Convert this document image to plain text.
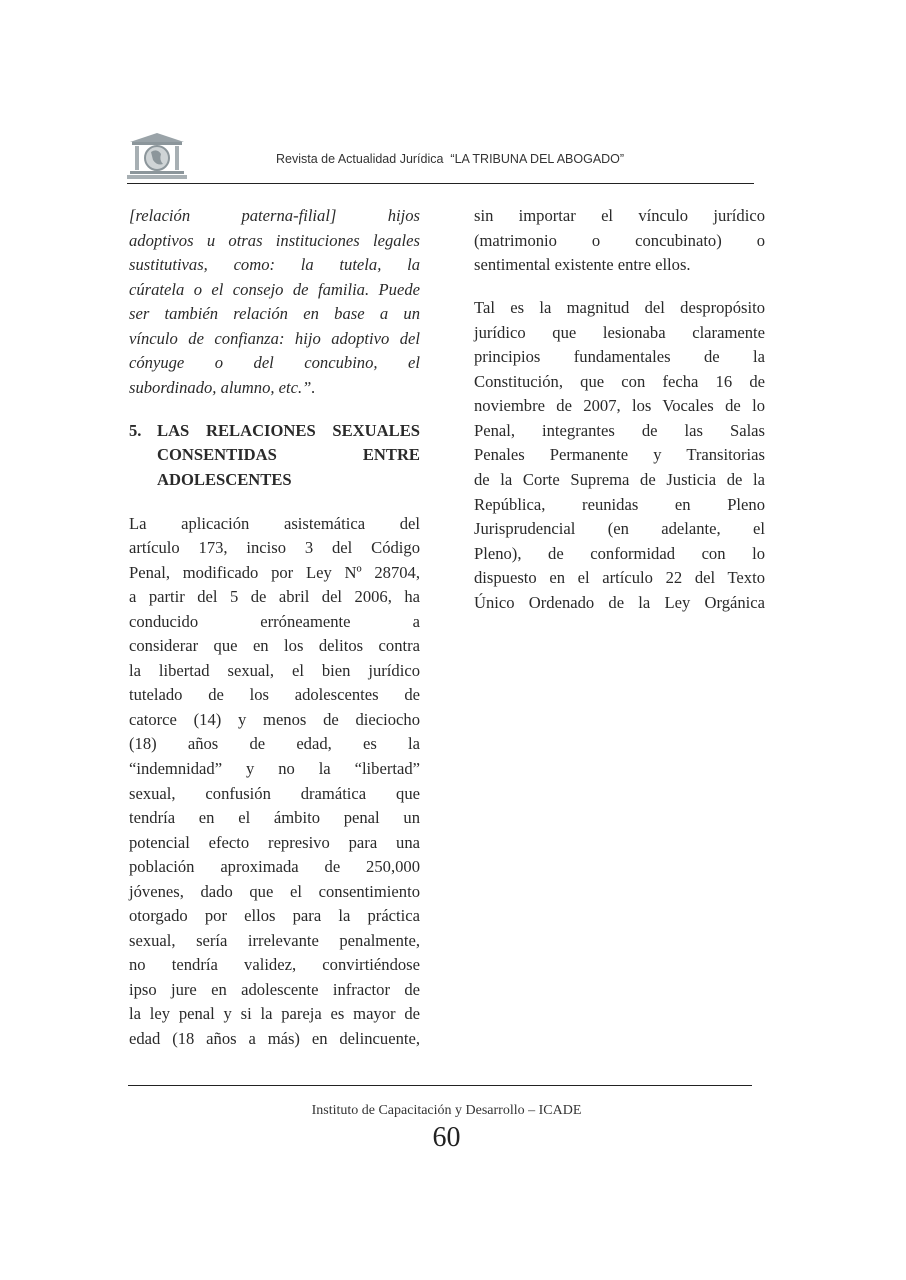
Revista de Actualidad Jurídica  “LA TRIBUNA DEL ABOGADO”
[relación paterna-filial] hijos
adoptivos u otras instituciones legales
sustitutivas, como: la tutela, la
cúratela o el consejo de familia. Puede
ser también relación en base a un
vínculo de confianza: hijo adoptivo del
cónyuge o del concubino, el
subordinado, alumno, etc.”.
5. LAS RELACIONES SEXUALES
CONSENTIDAS ENTRE
ADOLESCENTES
La aplicación asistemática del
artículo 173, inciso 3 del Código
Penal, modificado por Ley Nº 28704,
a partir del 5 de abril del 2006, ha
conducido erróneamente a
considerar que en los delitos contra
la libertad sexual, el bien jurídico
tutelado de los adolescentes de
catorce (14) y menos de dieciocho
(18) años de edad, es la
“indemnidad” y no la “libertad”
sexual, confusión dramática que
tendría en el ámbito penal un
potencial efecto represivo para una
población aproximada de 250,000
jóvenes, dado que el consentimiento
otorgado por ellos para la práctica
sexual, sería irrelevante penalmente,
no tendría validez, convirtiéndose
ipso jure en adolescente infractor de
la ley penal y si la pareja es mayor de
edad (18 años a más) en delincuente,
sin importar el vínculo jurídico
(matrimonio o concubinato) o
sentimental existente entre ellos.
Tal es la magnitud del despropósito
jurídico que lesionaba claramente
principios fundamentales de la
Constitución, que con fecha 16 de
noviembre de 2007, los Vocales de lo
Penal, integrantes de las Salas
Penales Permanente y Transitorias
de la Corte Suprema de Justicia de la
República, reunidas en Pleno
Jurisprudencial (en adelante, el
Pleno), de conformidad con lo
dispuesto en el artículo 22 del Texto
Único Ordenado de la Ley Orgánica
Instituto de Capacitación y Desarrollo – ICADE
60
